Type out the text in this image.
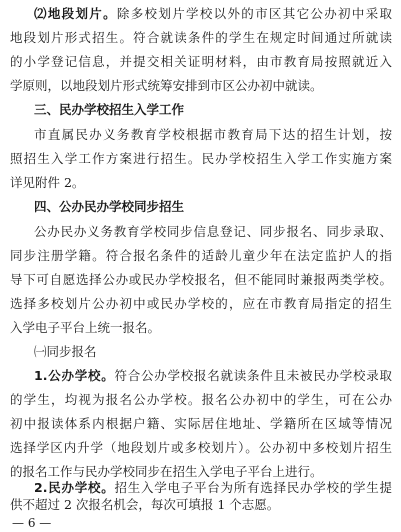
⑵地段划片。除多校划片学校以外的市区其它公办初中采取
地段划片形式招生。符合就读条件的学生在规定时间通过所就读
的小学登记信息，并提交相关证明材料，由市教育局按照就近入
学原则，以地段划片形式统筹安排到市区公办初中就读。
三、民办学校招生入学工作
市直属民办义务教育学校根据市教育局下达的招生计划，按
照招生入学工作方案进行招生。民办学校招生入学工作实施方案
详见附件 2。
四、公办民办学校同步招生
公办民办义务教育学校同步信息登记、同步报名、同步录取、
同步注册学籍。符合报名条件的适龄儿童少年在法定监护人的指
导下可自愿选择公办或民办学校报名，但不能同时兼报两类学校。
选择多校划片公办初中或民办学校的，应在市教育局指定的招生
入学电子平台上统一报名。
㈠同步报名
1.公办学校。符合公办学校报名就读条件且未被民办学校录取
的学生，均视为报名公办学校。报名公办初中的学生，可在公办
初中报读体系内根据户籍、实际居住地址、学籍所在区域等情况
选择学区内升学（地段划片或多校划片）。公办初中多校划片招生
的报名工作与民办学校同步在招生入学电子平台上进行。
2.民办学校。招生入学电子平台为所有选择民办学校的学生提
— 6 —
供不超过 2 次报名机会，每次可填报 1 个志愿。
